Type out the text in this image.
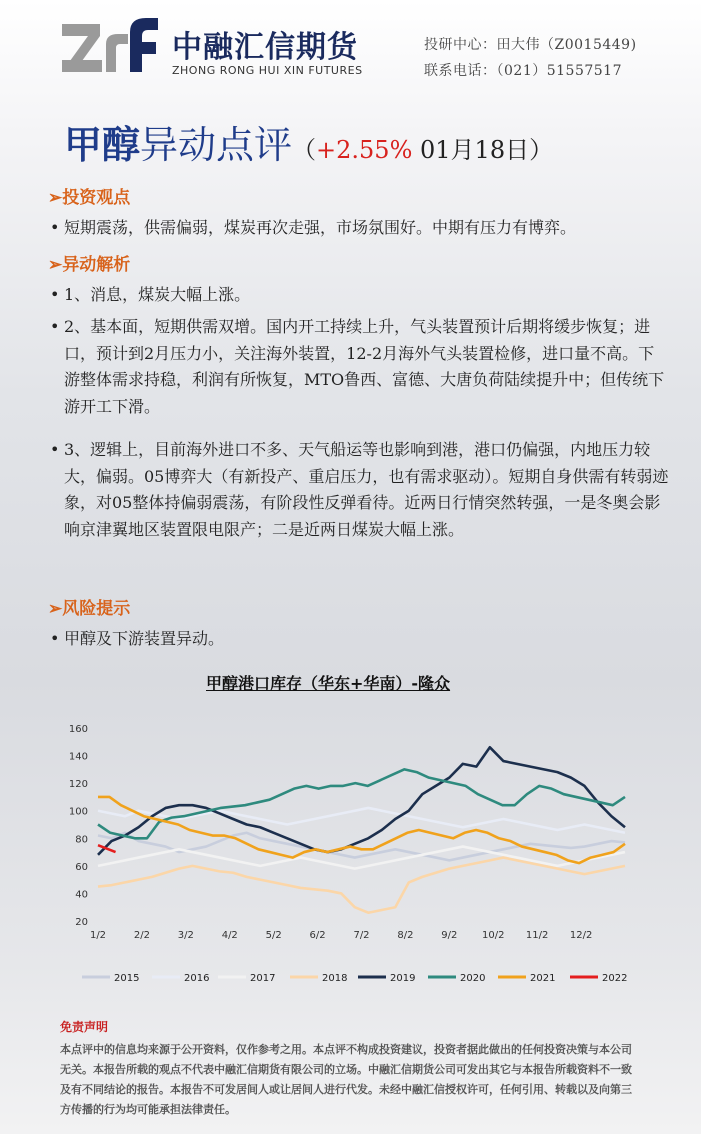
中融汇信期货
ZHONG RONG HUI XIN FUTURES
投研中心：田大伟（Z0015449)
联系电话：（021）51557517
甲醇异动点评（+2.55% 01月18日）
➢投资观点
• 短期震荡，供需偏弱，煤炭再次走强，市场氛围好。中期有压力有博弈。
➢异动解析
• 1、消息，煤炭大幅上涨。
• 2、基本面，短期供需双增。国内开工持续上升，气头装置预计后期将缓步恢复；进口，预计到2月压力小，关注海外装置，12-2月海外气头装置检修，进口量不高。下游整体需求持稳，利润有所恢复，MTO鲁西、富德、大唐负荷陆续提升中；但传统下游开工下滑。
• 3、逻辑上，目前海外进口不多、天气船运等也影响到港，港口仍偏强，内地压力较大，偏弱。05博弈大（有新投产、重启压力，也有需求驱动）。短期自身供需有转弱迹象，对05整体持偏弱震荡，有阶段性反弹看待。近两日行情突然转强，一是冬奥会影响京津翼地区装置限电限产；二是近两日煤炭大幅上涨。
➢风险提示
• 甲醇及下游装置异动。
甲醇港口库存（华东+华南）-隆众
20
40
60
80
100
120
140
160
1/2	2/2	3/2	4/2	5/2	6/2	7/2	8/2	9/2 10/2 11/2 12/2
2015	2016	2017	2018	2019	2020	2021	2022
免责声明
本点评中的信息均来源于公开资料，仅作参考之用。本点评不构成投资建议，投资者据此做出的任何投资决策与本公司无关。本报告所载的观点不代表中融汇信期货有限公司的立场。中融汇信期货公司可发出其它与本报告所载资料不一致及有不同结论的报告。本报告不可发居间人或让居间人进行代发。未经中融汇信授权许可，任何引用、转载以及向第三方传播的行为均可能承担法律责任。
